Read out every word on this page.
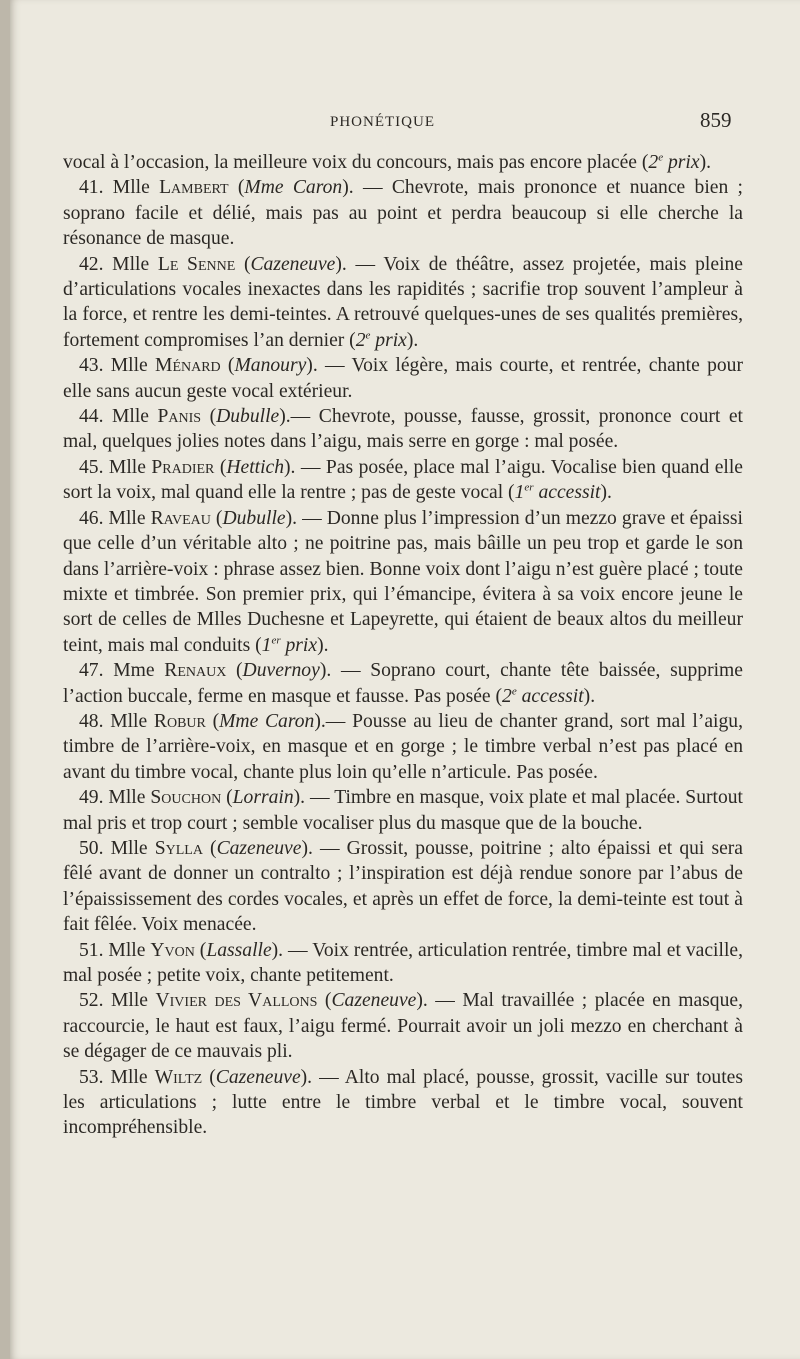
PHONÉTIQUE	859

vocal à l’occasion, la meilleure voix du concours, mais pas encore placée (2e prix).

41. Mlle Lambert (Mme Caron). — Chevrote, mais prononce et nuance bien ; soprano facile et délié, mais pas au point et perdra beaucoup si elle cherche la résonance de masque.

42. Mlle Le Senne (Cazeneuve). — Voix de théâtre, assez projetée, mais pleine d’articulations vocales inexactes dans les rapidités ; sacrifie trop souvent l’ampleur à la force, et rentre les demi-teintes. A retrouvé quelques-unes de ses qualités premières, fortement compromises l’an dernier (2e prix).

43. Mlle Ménard (Manoury). — Voix légère, mais courte, et rentrée, chante pour elle sans aucun geste vocal extérieur.

44. Mlle Panis (Dubulle).— Chevrote, pousse, fausse, grossit, prononce court et mal, quelques jolies notes dans l’aigu, mais serre en gorge : mal posée.

45. Mlle Pradier (Hettich). — Pas posée, place mal l’aigu. Vocalise bien quand elle sort la voix, mal quand elle la rentre ; pas de geste vocal (1er accessit).

46. Mlle Raveau (Dubulle). — Donne plus l’impression d’un mezzo grave et épaissi que celle d’un véritable alto ; ne poitrine pas, mais bâille un peu trop et garde le son dans l’arrière-voix : phrase assez bien. Bonne voix dont l’aigu n’est guère placé ; toute mixte et timbrée. Son premier prix, qui l’émancipe, évitera à sa voix encore jeune le sort de celles de Mlles Duchesne et Lapeyrette, qui étaient de beaux altos du meilleur teint, mais mal conduits (1er prix).

47. Mme Renaux (Duvernoy). — Soprano court, chante tête baissée, supprime l’action buccale, ferme en masque et fausse. Pas posée (2e accessit).

48. Mlle Robur (Mme Caron).— Pousse au lieu de chanter grand, sort mal l’aigu, timbre de l’arrière-voix, en masque et en gorge ; le timbre verbal n’est pas placé en avant du timbre vocal, chante plus loin qu’elle n’articule. Pas posée.

49. Mlle Souchon (Lorrain). — Timbre en masque, voix plate et mal placée. Surtout mal pris et trop court ; semble vocaliser plus du masque que de la bouche.

50. Mlle Sylla (Cazeneuve). — Grossit, pousse, poitrine ; alto épaissi et qui sera fêlé avant de donner un contralto ; l’inspiration est déjà rendue sonore par l’abus de l’épaississement des cordes vocales, et après un effet de force, la demi-teinte est tout à fait fêlée. Voix menacée.

51. Mlle Yvon (Lassalle). — Voix rentrée, articulation rentrée, timbre mal et vacille, mal posée ; petite voix, chante petitement.

52. Mlle Vivier des Vallons (Cazeneuve). — Mal travaillée ; placée en masque, raccourcie, le haut est faux, l’aigu fermé. Pourrait avoir un joli mezzo en cherchant à se dégager de ce mauvais pli.

53. Mlle Wiltz (Cazeneuve). — Alto mal placé, pousse, grossit, vacille sur toutes les articulations ; lutte entre le timbre verbal et le timbre vocal, souvent incompréhensible.
